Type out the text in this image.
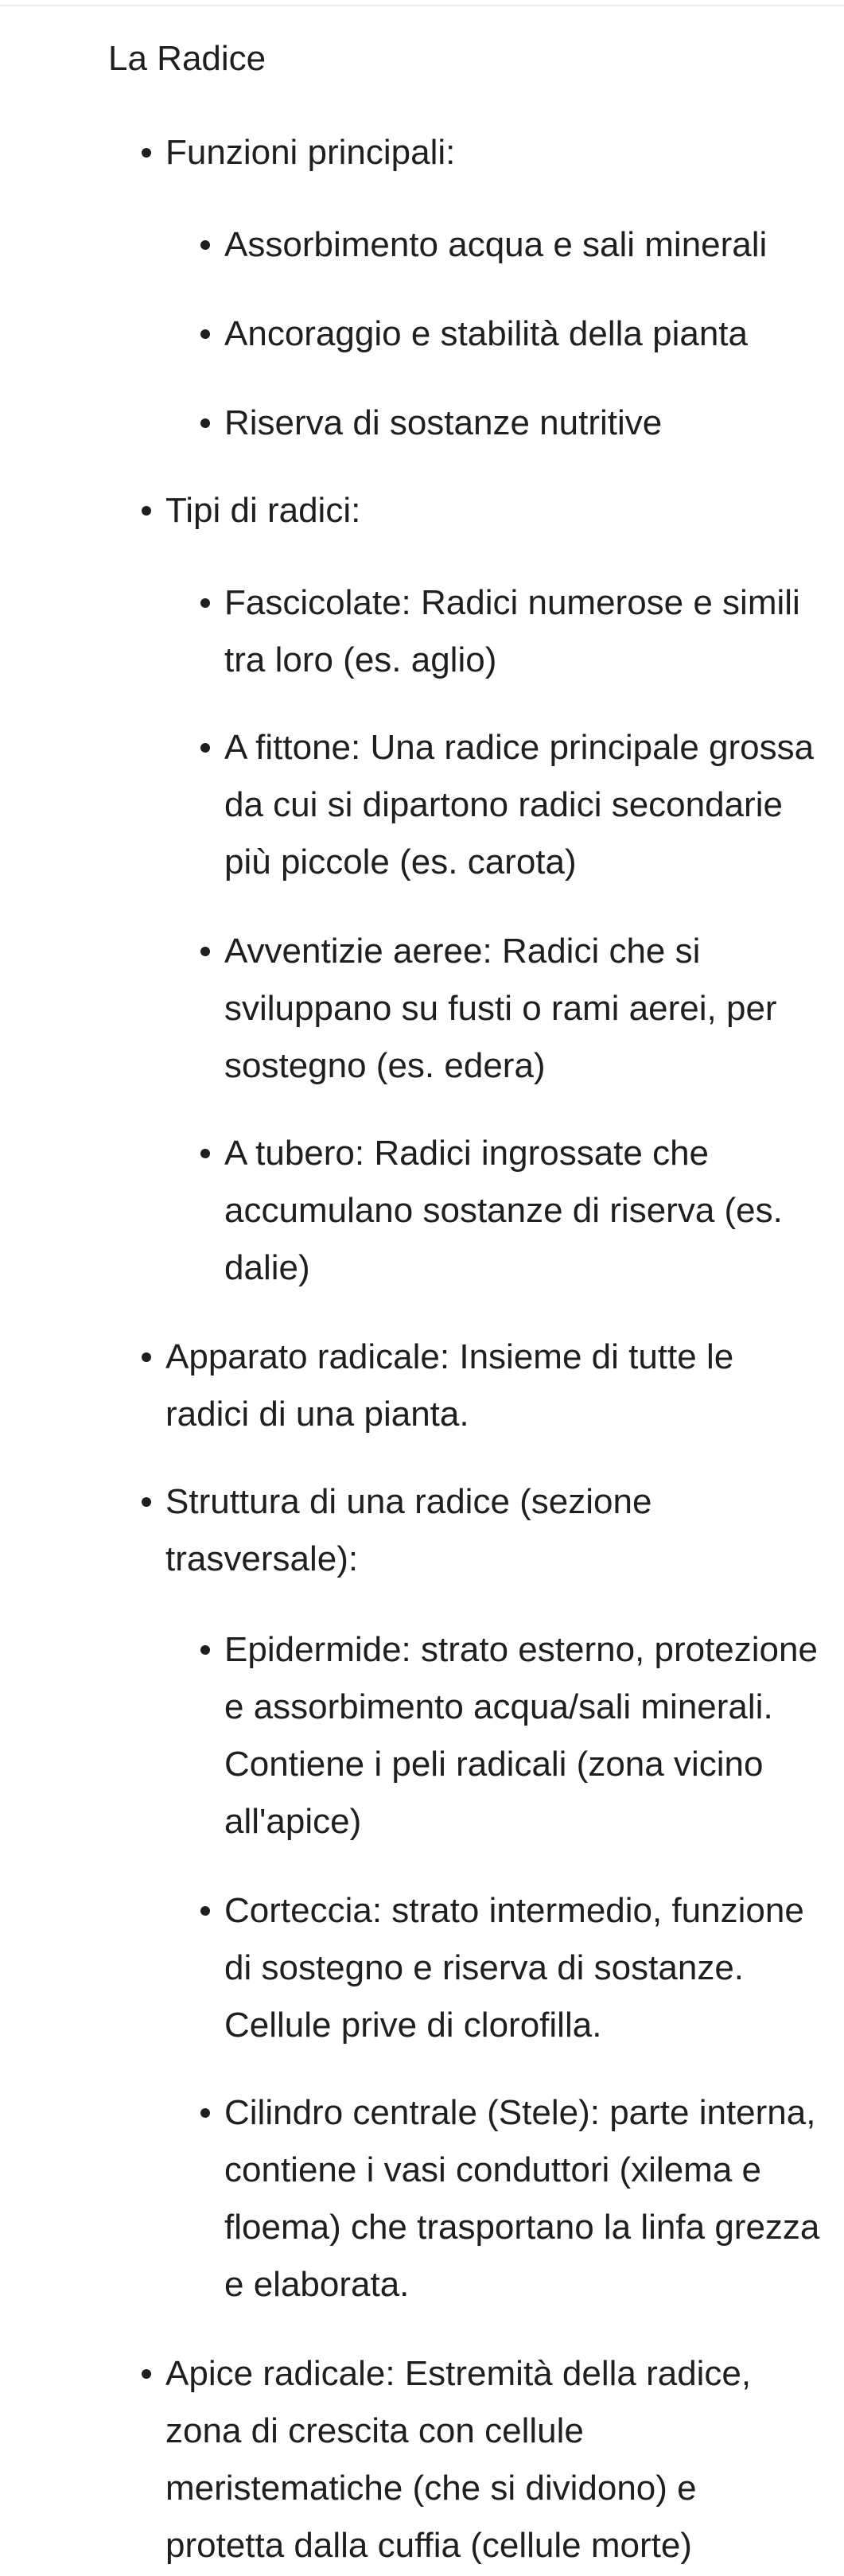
La Radice
Funzioni principali:
Assorbimento acqua e sali minerali
Ancoraggio e stabilità della pianta
Riserva di sostanze nutritive
Tipi di radici:
Fascicolate: Radici numerose e simili tra loro (es. aglio)
A fittone: Una radice principale grossa da cui si dipartono radici secondarie più piccole (es. carota)
Avventizie aeree: Radici che si sviluppano su fusti o rami aerei, per sostegno (es. edera)
A tubero: Radici ingrossate che accumulano sostanze di riserva (es. dalie)
Apparato radicale: Insieme di tutte le radici di una pianta.
Struttura di una radice (sezione trasversale):
Epidermide: strato esterno, protezione e assorbimento acqua/sali minerali. Contiene i peli radicali (zona vicino all'apice)
Corteccia: strato intermedio, funzione di sostegno e riserva di sostanze. Cellule prive di clorofilla.
Cilindro centrale (Stele): parte interna, contiene i vasi conduttori (xilema e floema) che trasportano la linfa grezza e elaborata.
Apice radicale: Estremità della radice, zona di crescita con cellule meristematiche (che si dividono) e protetta dalla cuffia (cellule morte)
